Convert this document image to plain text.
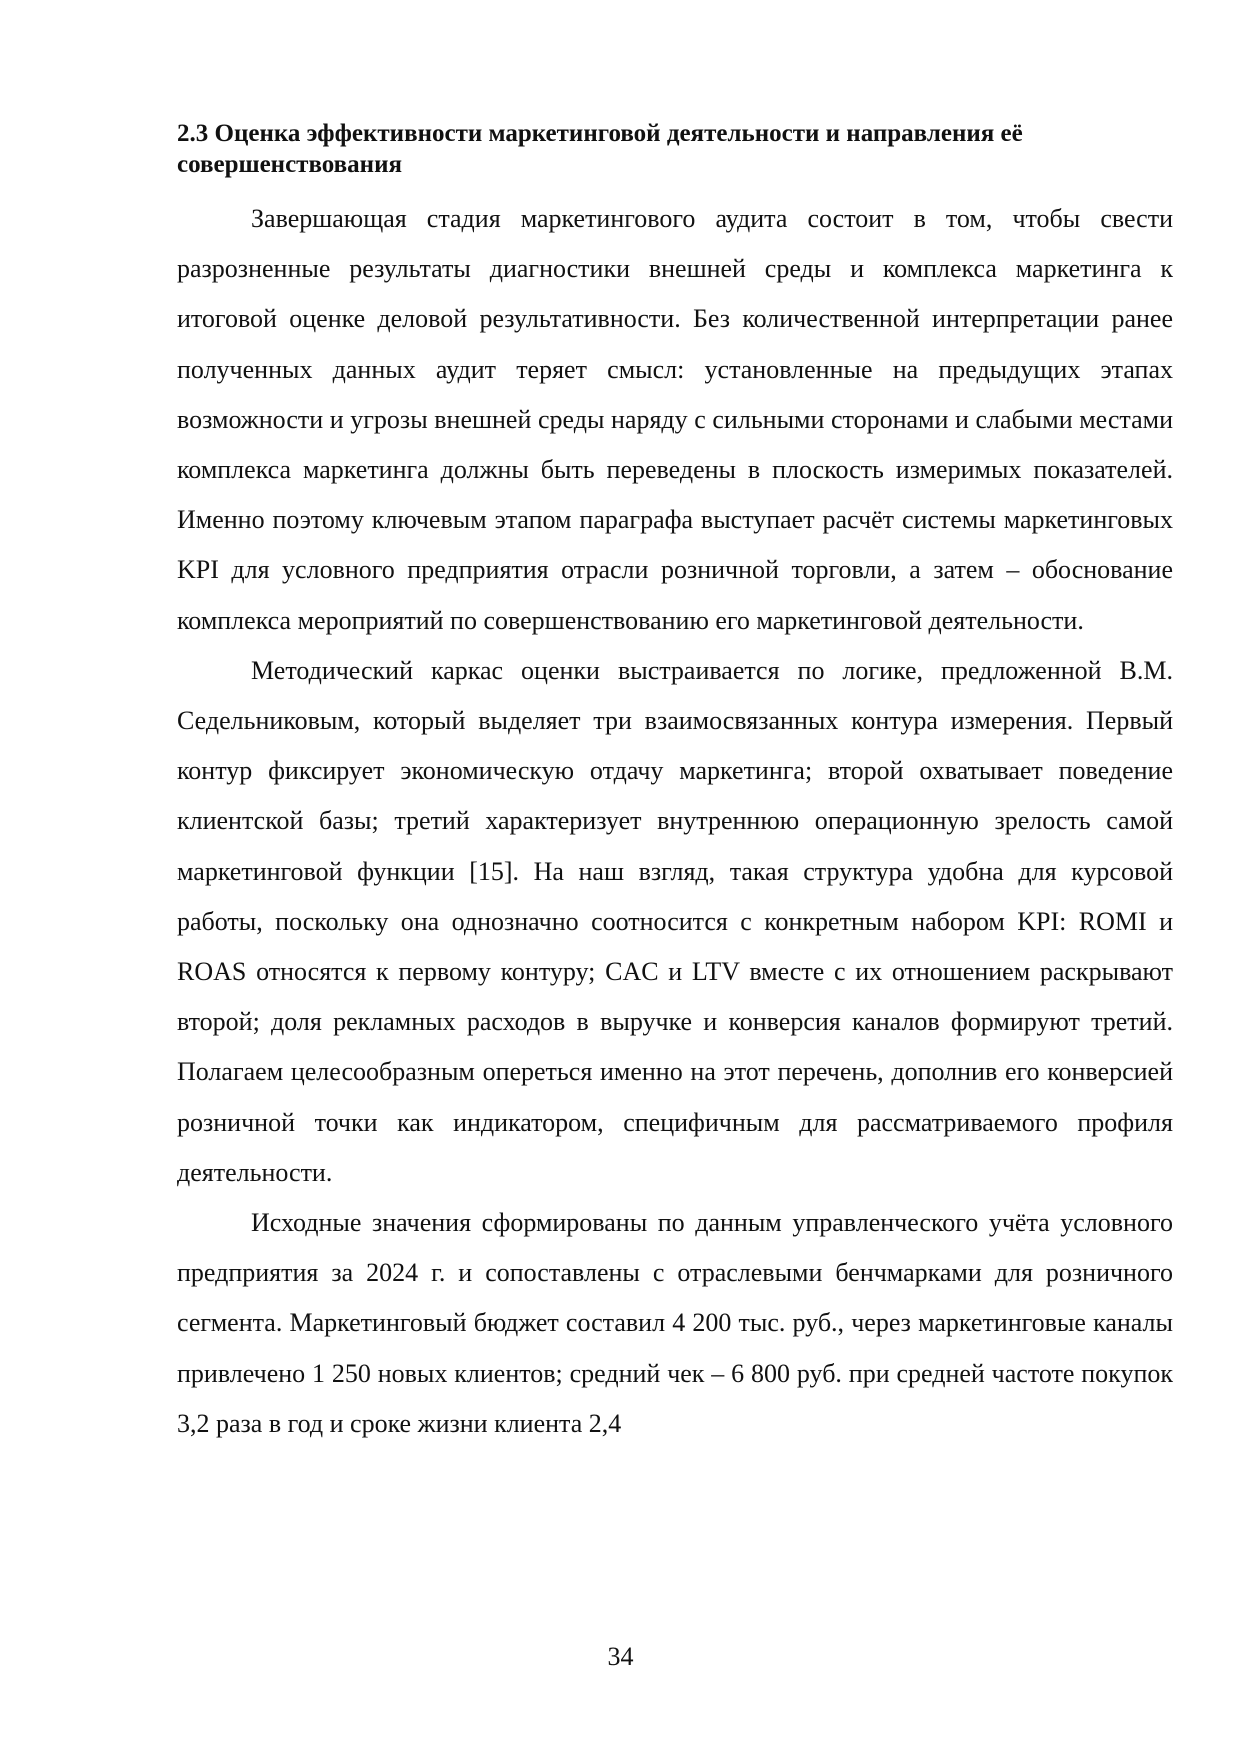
2.3 Оценка эффективности маркетинговой деятельности и направления её совершенствования

Завершающая стадия маркетингового аудита состоит в том, чтобы свести разрозненные результаты диагностики внешней среды и комплекса маркетинга к итоговой оценке деловой результативности. Без количественной интерпретации ранее полученных данных аудит теряет смысл: установленные на предыдущих этапах возможности и угрозы внешней среды наряду с сильными сторонами и слабыми местами комплекса маркетинга должны быть переведены в плоскость измеримых показателей. Именно поэтому ключевым этапом параграфа выступает расчёт системы маркетинговых KPI для условного предприятия отрасли розничной торговли, а затем – обоснование комплекса мероприятий по совершенствованию его маркетинговой деятельности.

Методический каркас оценки выстраивается по логике, предложенной В.М. Седельниковым, который выделяет три взаимосвязанных контура измерения. Первый контур фиксирует экономическую отдачу маркетинга; второй охватывает поведение клиентской базы; третий характеризует внутреннюю операционную зрелость самой маркетинговой функции [15]. На наш взгляд, такая структура удобна для курсовой работы, поскольку она однозначно соотносится с конкретным набором KPI: ROMI и ROAS относятся к первому контуру; CAC и LTV вместе с их отношением раскрывают второй; доля рекламных расходов в выручке и конверсия каналов формируют третий. Полагаем целесообразным опереться именно на этот перечень, дополнив его конверсией розничной точки как индикатором, специфичным для рассматриваемого профиля деятельности.

Исходные значения сформированы по данным управленческого учёта условного предприятия за 2024 г. и сопоставлены с отраслевыми бенчмарками для розничного сегмента. Маркетинговый бюджет составил 4 200 тыс. руб., через маркетинговые каналы привлечено 1 250 новых клиентов; средний чек – 6 800 руб. при средней частоте покупок 3,2 раза в год и сроке жизни клиента 2,4

34
